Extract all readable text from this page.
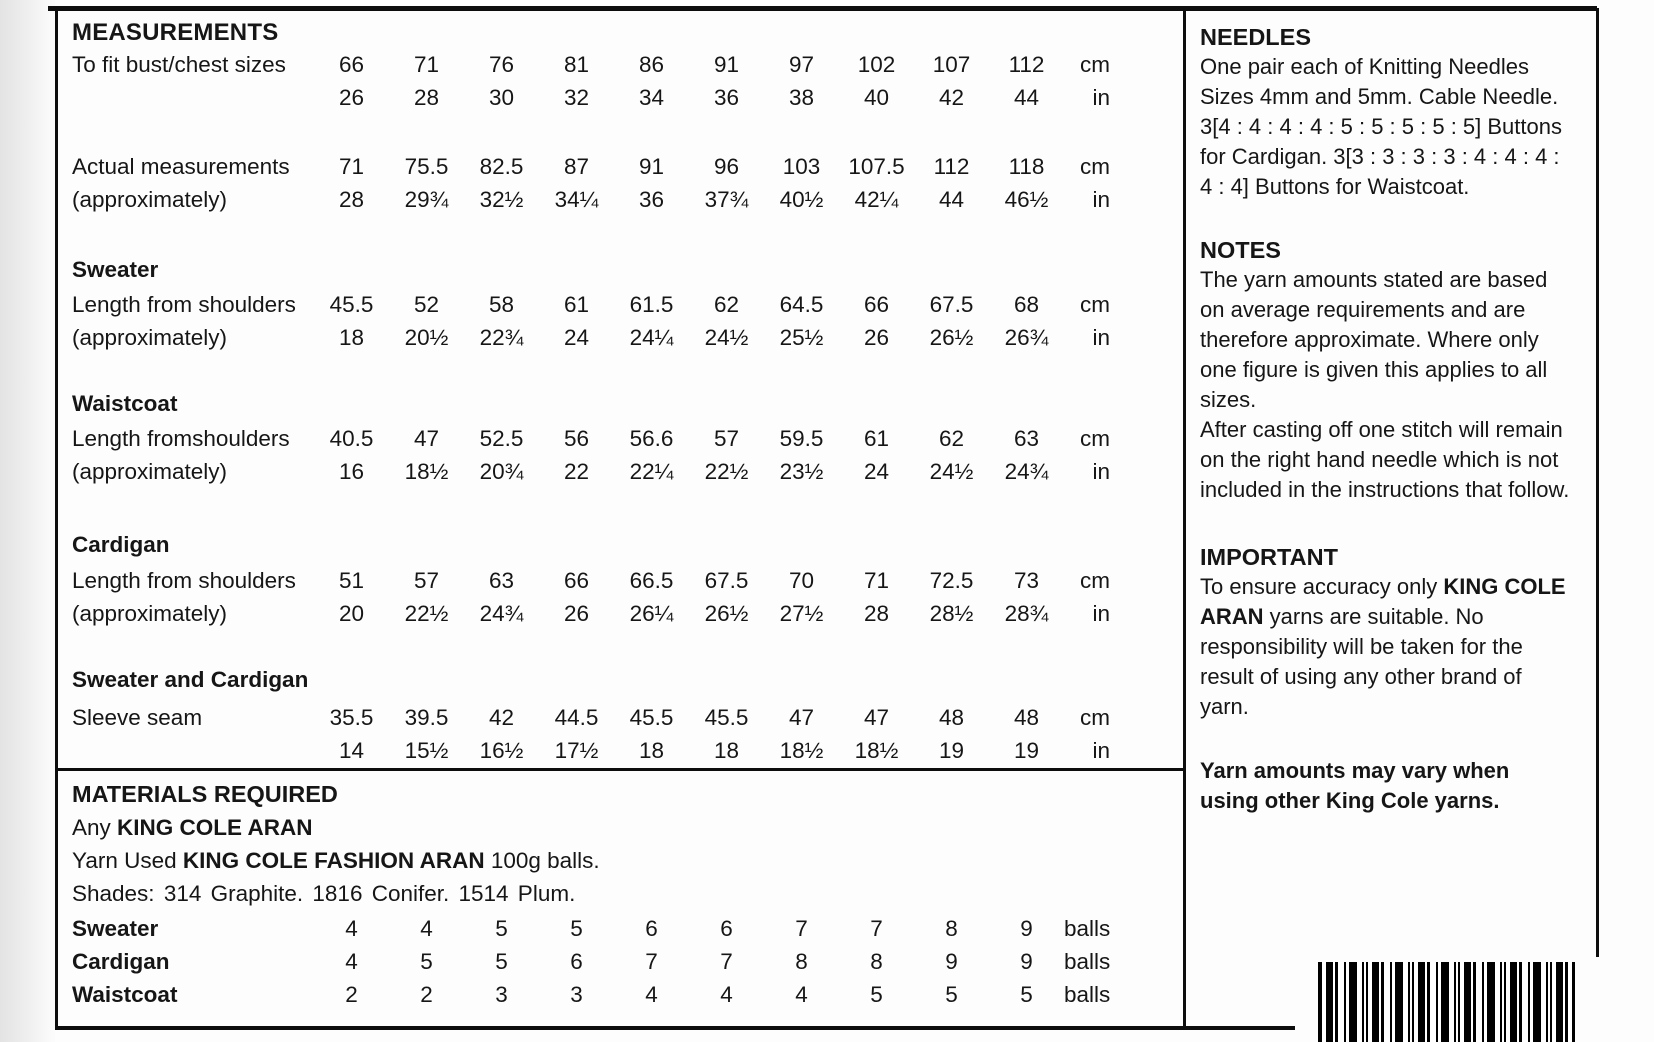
MEASUREMENTS
To fit bust/chest sizes	66	71	76	81	86	91	97	102	107	112	cm
26	28	30	32	34	36	38	40	42	44	in
Actual measurements	71	75.5	82.5	87	91	96	103	107.5	112	118	cm
(approximately)	28	29¾	32½	34¼	36	37¾	40½	42¼	44	46½	in
Sweater
Length from shoulders	45.5	52	58	61	61.5	62	64.5	66	67.5	68	cm
(approximately)	18	20½	22¾	24	24¼	24½	25½	26	26½	26¾	in
Waistcoat
Length fromshoulders	40.5	47	52.5	56	56.6	57	59.5	61	62	63	cm
(approximately)	16	18½	20¾	22	22¼	22½	23½	24	24½	24¾	in
Cardigan
Length from shoulders	51	57	63	66	66.5	67.5	70	71	72.5	73	cm
(approximately)	20	22½	24¾	26	26¼	26½	27½	28	28½	28¾	in
Sweater and Cardigan
Sleeve seam	35.5	39.5	42	44.5	45.5	45.5	47	47	48	48	cm
14	15½	16½	17½	18	18	18½	18½	19	19	in
MATERIALS REQUIRED
Any KING COLE ARAN
Yarn Used KING COLE FASHION ARAN 100g balls.
Shades: 314 Graphite. 1816 Conifer. 1514 Plum.
Sweater	4	4	5	5	6	6	7	7	8	9	balls
Cardigan	4	5	5	6	7	7	8	8	9	9	balls
Waistcoat	2	2	3	3	4	4	4	5	5	5	balls
NEEDLES

One pair each of Knitting Needles Sizes 4mm and 5mm. Cable Needle.

3[4 : 4 : 4 : 4 : 5 : 5 : 5 : 5 : 5] Buttons for Cardigan. 3[3 : 3 : 3 : 3 : 4 : 4 : 4 : 4 : 4] Buttons for Waistcoat.

NOTES

The yarn amounts stated are based on average requirements and are therefore approximate. Where only one figure is given this applies to all sizes.

After casting off one stitch will remain on the right hand needle which is not included in the instructions that follow.

IMPORTANT

To ensure accuracy only KING COLE ARAN yarns are suitable. No responsibility will be taken for the result of using any other brand of yarn.

Yarn amounts may vary when using other King Cole yarns.
